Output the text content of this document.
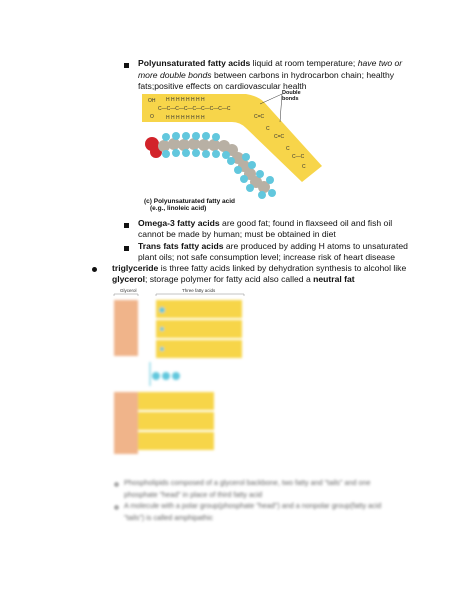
Polyunsaturated fatty acids liquid at room temperature; have two or
more double bonds between carbons in hydrocarbon chain; healthy
fats;positive effects on cardiovascular health
OH
O
C—C—C—C—C—C—C—C—C
H H H H H H H H
H H H H H H H H	C=C
C
C=C
C
C—C
C
Double
bonds
(c) Polyunsaturated fatty acid
(e.g., linoleic acid)
Omega-3 fatty acids are good fat; found in flaxseed oil and fish oil
cannot be made by human; must be obtained in diet
Trans fats fatty acids are produced by adding H atoms to unsaturated
plant oils; not safe consumption level; increase risk of heart disease
triglyceride is three fatty acids linked by dehydration synthesis to alcohol like
glycerol; storage polymer for fatty acid also called a neutral fat
Glycerol	Three fatty acids
Phospholipids composed of a glycerol backbone, two fatty and "tails" and one
phosphate "head" in place of third fatty acid
A molecule with a polar group(phosphate "head") and a nonpolar group(fatty acid
"tails") is called amphipathic
